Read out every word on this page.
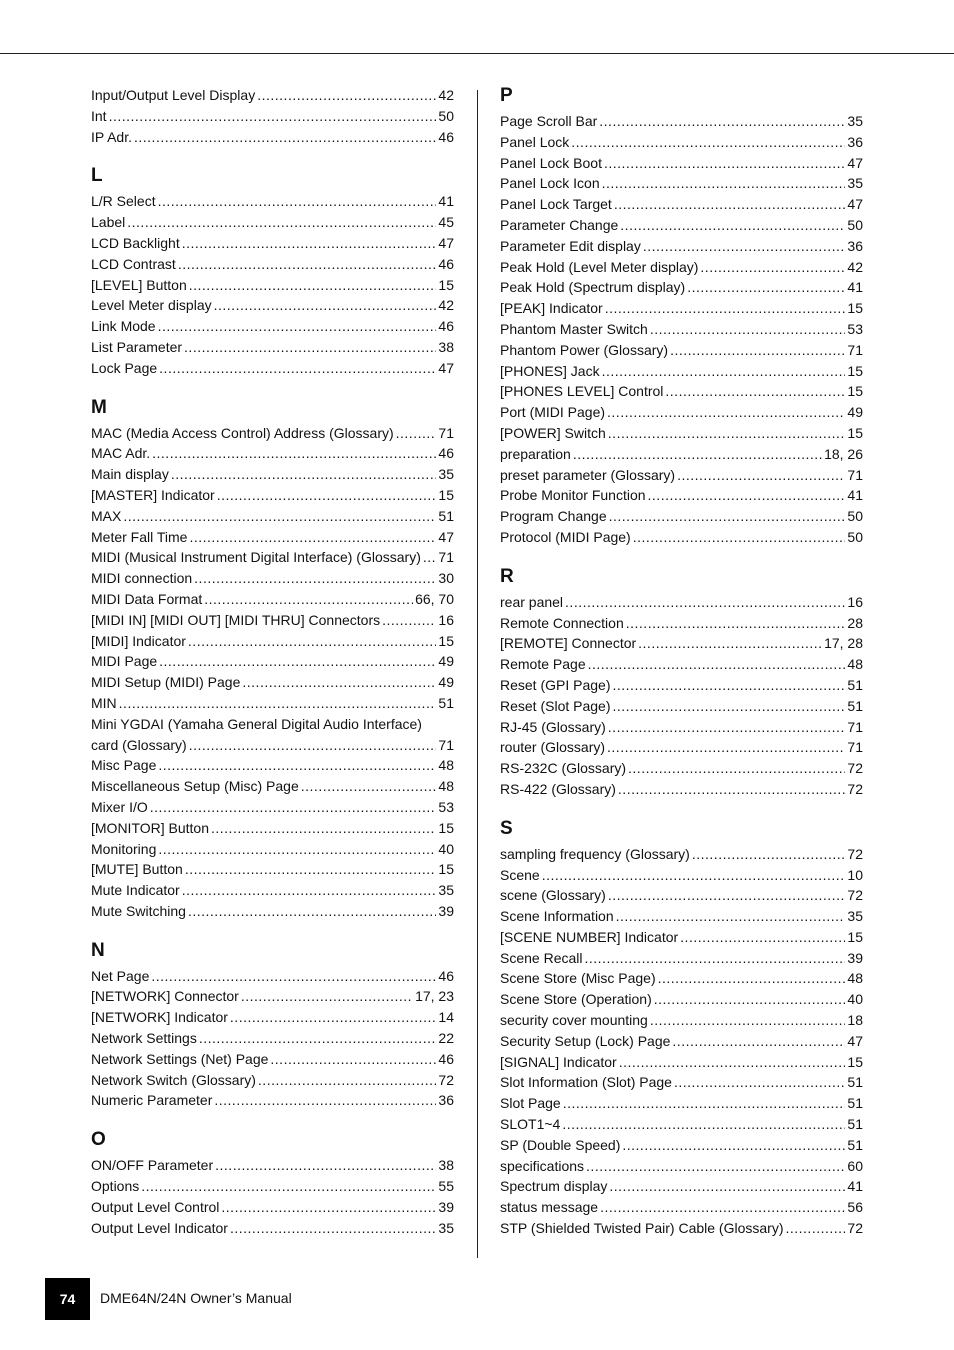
Input/Output Level Display .....	42
Int .....	50
IP Adr. .....	46
L
L/R Select .....	41
Label .....	45
LCD Backlight .....	47
LCD Contrast .....	46
[LEVEL] Button .....	15
Level Meter display .....	42
Link Mode .....	46
List Parameter .....	38
Lock Page .....	47
M
MAC (Media Access Control) Address (Glossary) .....	71
MAC Adr. .....	46
Main display .....	35
[MASTER] Indicator .....	15
MAX .....	51
Meter Fall Time .....	47
MIDI (Musical Instrument Digital Interface) (Glossary) ..... 71
MIDI connection .....	30
MIDI Data Format .....	66, 70
[MIDI IN] [MIDI OUT] [MIDI THRU] Connectors .....	16
[MIDI] Indicator .....	15
MIDI Page .....	49
MIDI Setup (MIDI) Page .....	49
MIN .....	51
Mini YGDAI (Yamaha General Digital Audio Interface)
card (Glossary) .....	71
Misc Page .....	48
Miscellaneous Setup (Misc) Page .....	48
Mixer I/O .....	53
[MONITOR] Button .....	15
Monitoring .....	40
[MUTE] Button .....	15
Mute Indicator .....	35
Mute Switching .....	39
N
Net Page .....	46
[NETWORK] Connector .....	17, 23
[NETWORK] Indicator .....	14
Network Settings .....	22
Network Settings (Net) Page .....	46
Network Switch (Glossary) .....	72
Numeric Parameter .....	36
O
ON/OFF Parameter .....	38
Options .....	55
Output Level Control .....	39
Output Level Indicator .....	35
P
Page Scroll Bar .....	35
Panel Lock .....	36
Panel Lock Boot .....	47
Panel Lock Icon .....	35
Panel Lock Target .....	47
Parameter Change .....	50
Parameter Edit display .....	36
Peak Hold (Level Meter display) .....	42
Peak Hold (Spectrum display) .....	41
[PEAK] Indicator .....	15
Phantom Master Switch .....	53
Phantom Power (Glossary) .....	71
[PHONES] Jack .....	15
[PHONES LEVEL] Control .....	15
Port (MIDI Page) .....	49
[POWER] Switch .....	15
preparation .....	18, 26
preset parameter (Glossary) .....	71
Probe Monitor Function .....	41
Program Change .....	50
Protocol (MIDI Page) .....	50
R
rear panel .....	16
Remote Connection .....	28
[REMOTE] Connector .....	17, 28
Remote Page .....	48
Reset (GPI Page) .....	51
Reset (Slot Page) .....	51
RJ-45 (Glossary) .....	71
router (Glossary) .....	71
RS-232C (Glossary) .....	72
RS-422 (Glossary) .....	72
S
sampling frequency (Glossary) .....	72
Scene .....	10
scene (Glossary) .....	72
Scene Information .....	35
[SCENE NUMBER] Indicator .....	15
Scene Recall .....	39
Scene Store (Misc Page) .....	48
Scene Store (Operation) .....	40
security cover mounting .....	18
Security Setup (Lock) Page .....	47
[SIGNAL] Indicator .....	15
Slot Information (Slot) Page .....	51
Slot Page .....	51
SLOT1~4 .....	51
SP (Double Speed) .....	51
specifications .....	60
Spectrum display .....	41
status message .....	56
STP (Shielded Twisted Pair) Cable (Glossary) .....	72
74 DME64N/24N Owner’s Manual
